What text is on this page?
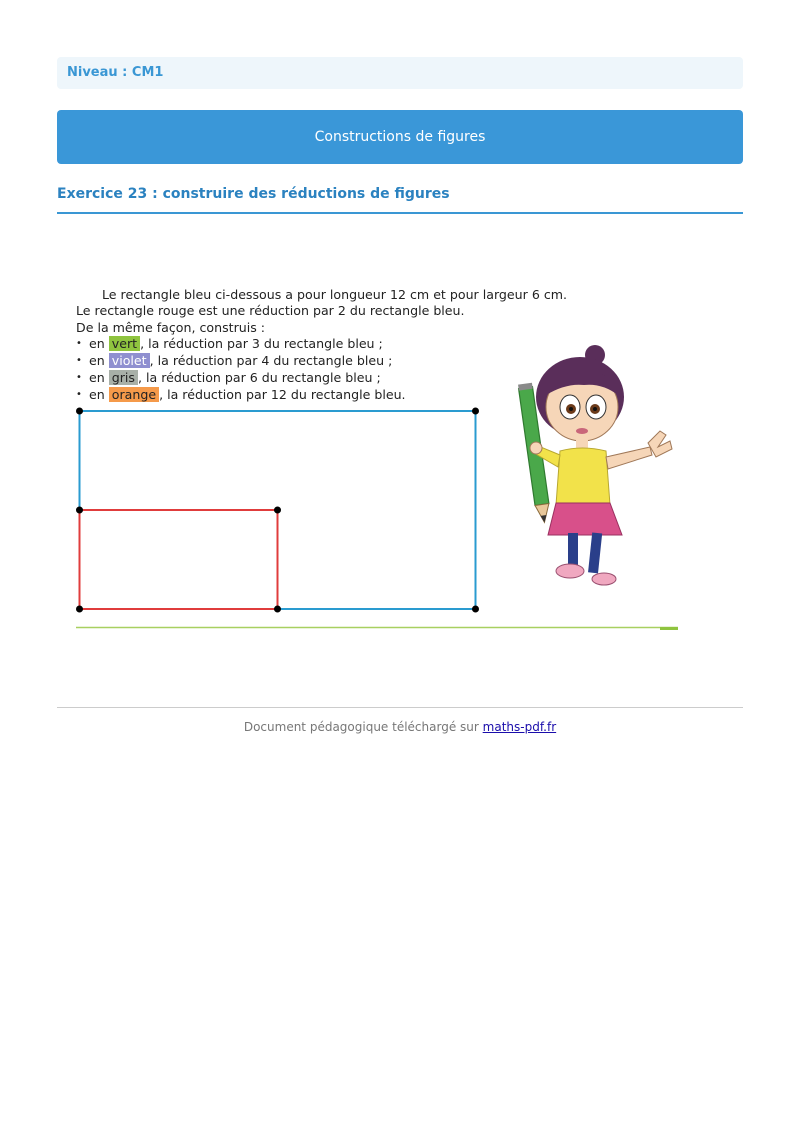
Niveau : CM1
Constructions de figures
Exercice 23 : construire des réductions de figures

Le rectangle bleu ci-dessous a pour longueur 12 cm et pour largeur 6 cm.

Le rectangle rouge est une réduction par 2 du rectangle bleu.

De la même façon, construis :

• en vert , la réduction par 3 du rectangle bleu ;
• en violet , la réduction par 4 du rectangle bleu ;
• en gris , la réduction par 6 du rectangle bleu ;
• en orange , la réduction par 12 du rectangle bleu.
Document pédagogique téléchargé sur maths-pdf.fr
